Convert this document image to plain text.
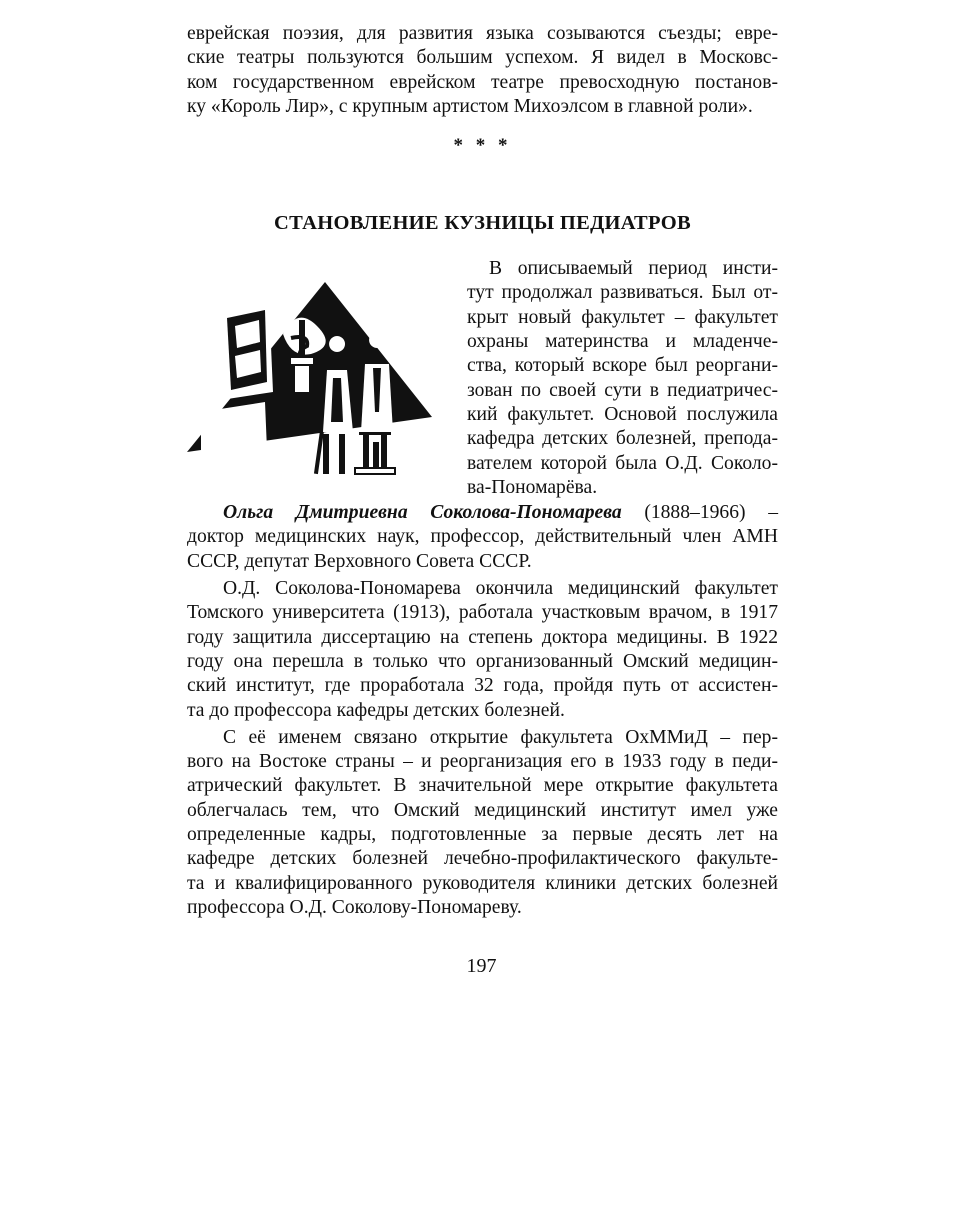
еврейская поэзия, для развития языка созываются съезды; евре-
ские театры пользуются большим успехом. Я видел в Московс-
ком государственном еврейском театре превосходную постанов-
ку «Король Лир», с крупным артистом Михоэлсом в главной роли».

* * *
СТАНОВЛЕНИЕ КУЗНИЦЫ ПЕДИАТРОВ

В описываемый период инсти-
тут продолжал развиваться. Был от-
крыт новый факультет – факультет
охраны материнства и младенче-
ства, который вскоре был реоргани-
зован по своей сути в педиатричес-
кий факультет. Основой послужила
кафедра детских болезней, препода-
вателем которой была О.Д. Соколо-
ва-Пономарёва.

Ольга Дмитриевна Соколова-Пономарева (1888–1966) –
доктор медицинских наук, профессор, действительный член АМН
СССР, депутат Верховного Совета СССР.

О.Д. Соколова-Пономарева окончила медицинский факультет
Томского университета (1913), работала участковым врачом, в 1917
году защитила диссертацию на степень доктора медицины. В 1922
году она перешла в только что организованный Омский медицин-
ский институт, где проработала 32 года, пройдя путь от ассистен-
та до профессора кафедры детских болезней.

С её именем связано открытие факультета ОхММиД – пер-
вого на Востоке страны – и реорганизация его в 1933 году в педи-
атрический факультет. В значительной мере открытие факультета
облегчалась тем, что Омский медицинский институт имел уже
определенные кадры, подготовленные за первые десять лет на
кафедре детских болезней лечебно-профилактического факульте-
та и квалифицированного руководителя клиники детских болезней
профессора О.Д. Соколову-Пономареву.

197
